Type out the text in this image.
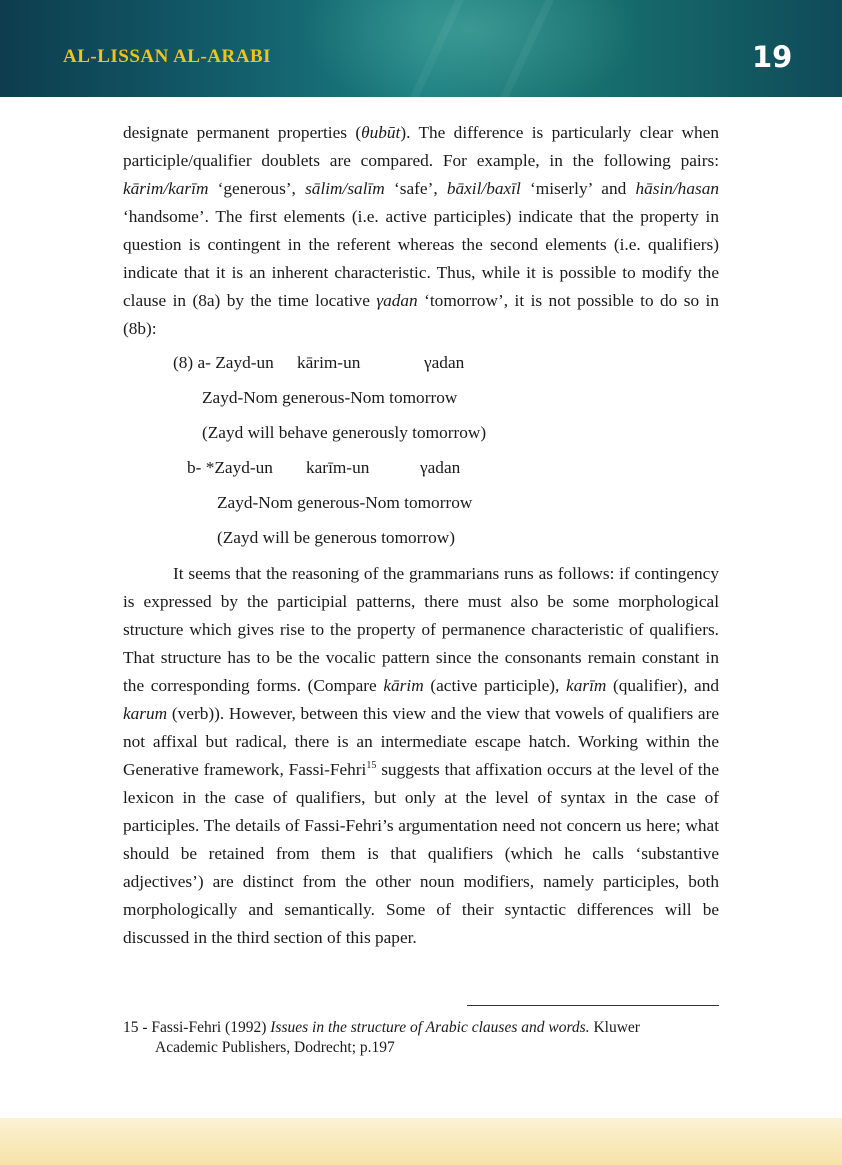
AL-LISSAN AL-ARABI	19

designate permanent properties (θubūt). The difference is particularly clear when participle/qualifier doublets are compared. For example, in the following pairs: kārim/karīm ‘generous’, sālim/salīm ‘safe’, bāxil/baxīl ‘miserly’ and hāsin/hasan ‘handsome’. The first elements (i.e. active participles) indicate that the property in question is contingent in the referent whereas the second elements (i.e. qualifiers) indicate that it is an inherent characteristic. Thus, while it is possible to modify the clause in (8a) by the time locative γadan ‘tomorrow’, it is not possible to do so in (8b):

(8) a- Zayd-un kārim-un	γadan
Zayd-Nom generous-Nom tomorrow
(Zayd will behave generously tomorrow)
b- *Zayd-un karīm-un	γadan
Zayd-Nom generous-Nom tomorrow
(Zayd will be generous tomorrow)

It seems that the reasoning of the grammarians runs as follows: if contingency is expressed by the participial patterns, there must also be some morphological structure which gives rise to the property of permanence characteristic of qualifiers. That structure has to be the vocalic pattern since the consonants remain constant in the corresponding forms. (Compare kārim (active participle), karīm (qualifier), and karum (verb)). However, between this view and the view that vowels of qualifiers are not affixal but radical, there is an intermediate escape hatch. Working within the Generative framework, Fassi-Fehri$^{15}$ suggests that affixation occurs at the level of the lexicon in the case of qualifiers, but only at the level of syntax in the case of participles. The details of Fassi-Fehri’s argumentation need not concern us here; what should be retained from them is that qualifiers (which he calls ‘substantive adjectives’) are distinct from the other noun modifiers, namely participles, both morphologically and semantically. Some of their syntactic differences will be discussed in the third section of this paper.

15 - Fassi-Fehri (1992) Issues in the structure of Arabic clauses and words. Kluwer
Academic Publishers, Dodrecht; p.197
